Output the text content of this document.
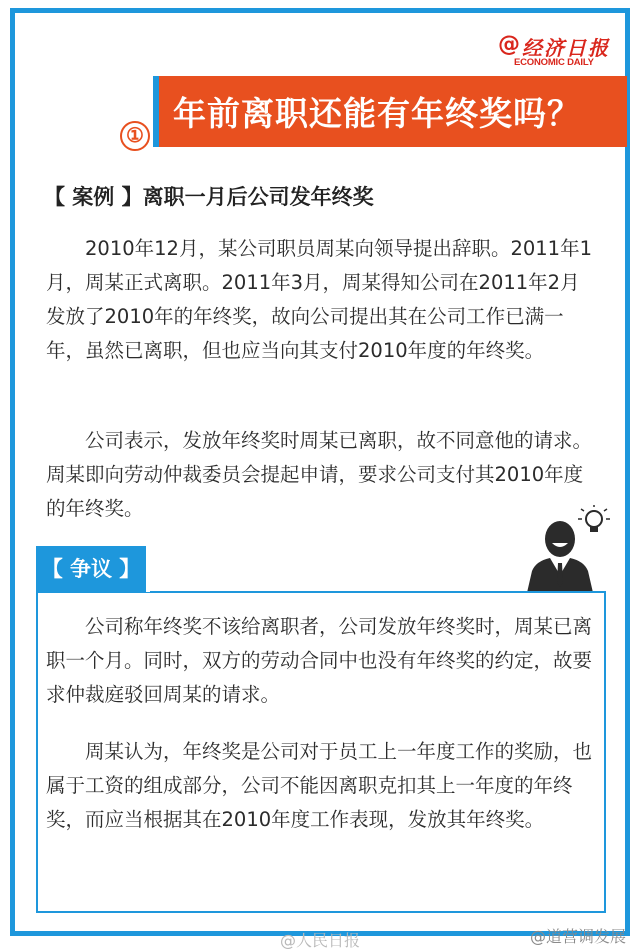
@ 经济日报
ECONOMIC DAILY
年前离职还能有年终奖吗？
①
【 案例 】离职一月后公司发年终奖

2010年12月，某公司职员周某向领导提出辞职。2011年1月，周某正式离职。2011年3月，周某得知公司在2011年2月发放了2010年的年终奖，故向公司提出其在公司工作已满一年，虽然已离职，但也应当向其支付2010年度的年终奖。

公司表示，发放年终奖时周某已离职，故不同意他的请求。周某即向劳动仲裁委员会提起申请，要求公司支付其2010年度的年终奖。

【 争议 】

公司称年终奖不该给离职者，公司发放年终奖时，周某已离职一个月。同时，双方的劳动合同中也没有年终奖的约定，故要求仲裁庭驳回周某的请求。

周某认为，年终奖是公司对于员工上一年度工作的奖励，也属于工资的组成部分，公司不能因离职克扣其上一年度的年终奖，而应当根据其在2010年度工作表现，发放其年终奖。

@人民日报	@道营调发展
